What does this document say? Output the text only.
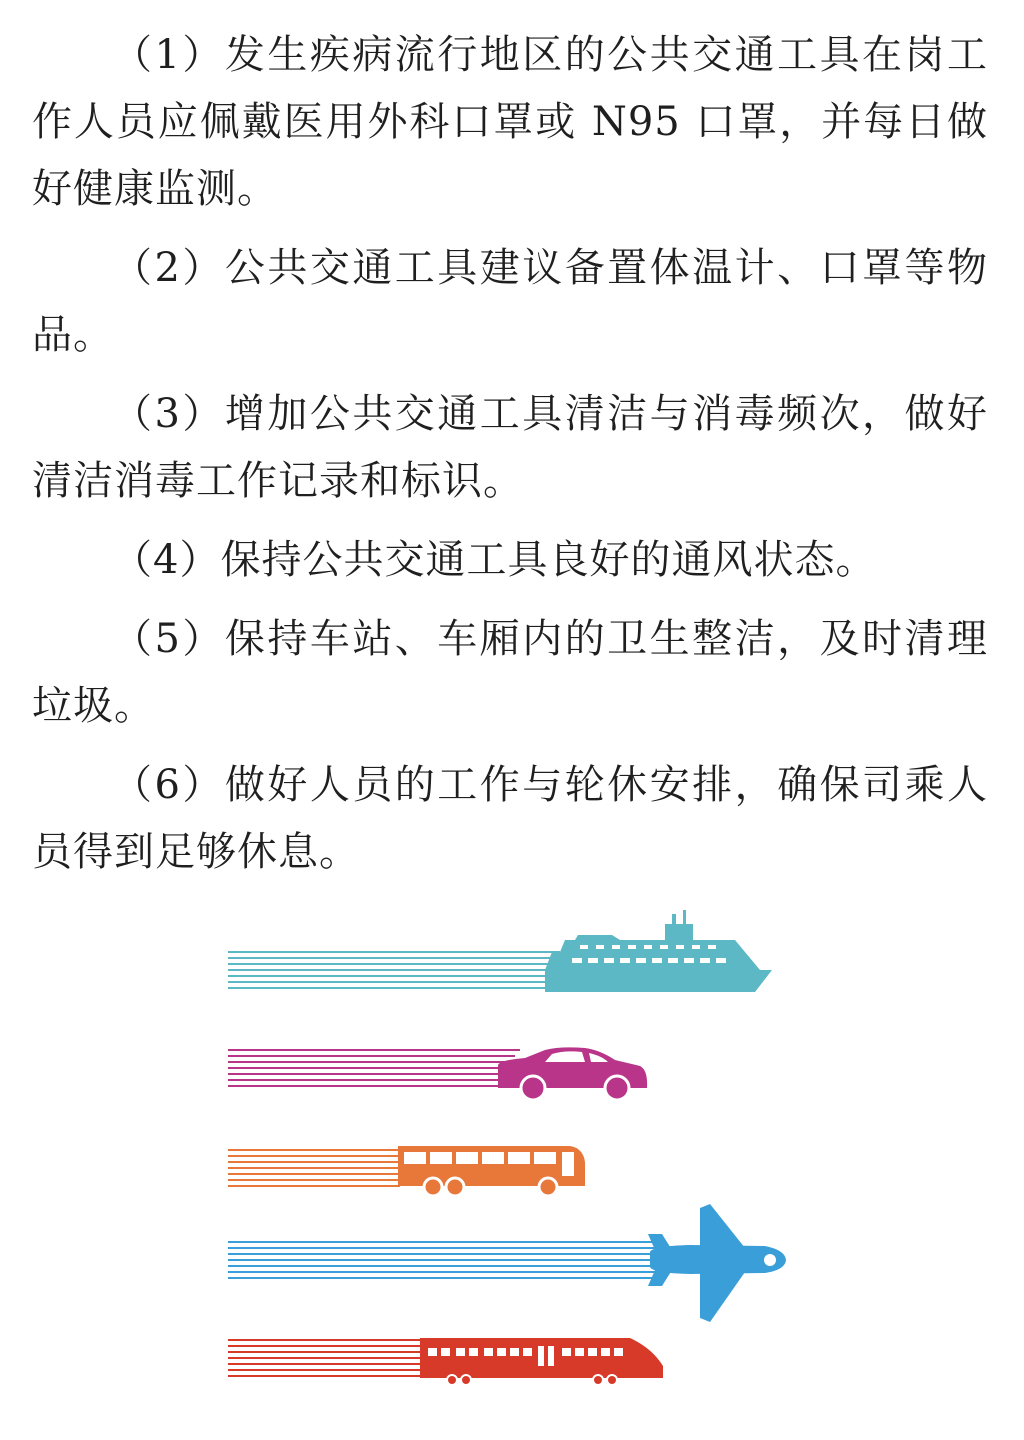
（1）发生疾病流行地区的公共交通工具在岗工作人员应佩戴医用外科口罩或 N95 口罩，并每日做好健康监测。

（2）公共交通工具建议备置体温计、口罩等物品。

（3）增加公共交通工具清洁与消毒频次，做好清洁消毒工作记录和标识。

（4）保持公共交通工具良好的通风状态。

（5）保持车站、车厢内的卫生整洁，及时清理垃圾。

（6）做好人员的工作与轮休安排，确保司乘人员得到足够休息。
